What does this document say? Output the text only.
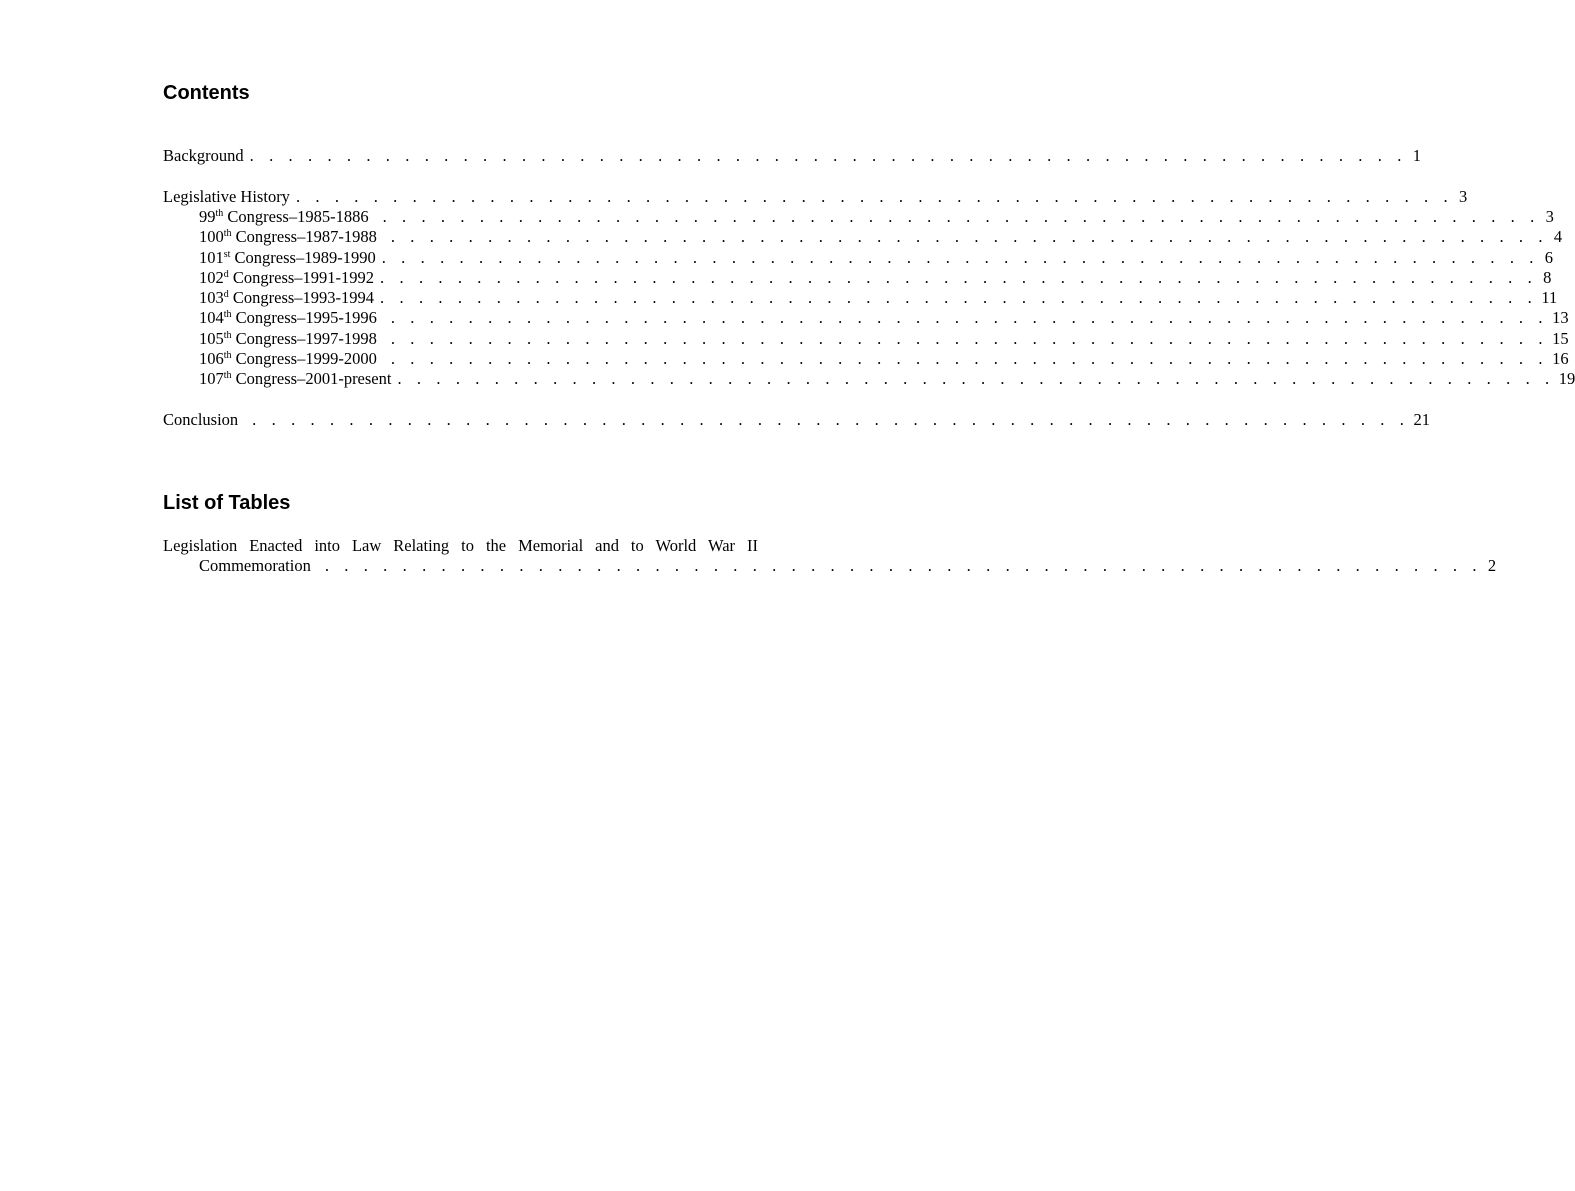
Contents
Background . . . . . . . . . . . . . . . . . . . . . . . . . . . . . . . . . . . . . . . . . . . . . . . . . . . . . . . . . . . . 1
Legislative History . . . . . . . . . . . . . . . . . . . . . . . . . . . . . . . . . . . . . . . . . . . . . . . . . . . . . . . . . . . . 3
99th Congress–1985-1886 . . . . . . . . . . . . . . . . . . . . . . . . . . . . . . . . . . . . . . . . . . . . . . . . . . . . . . . . . . . . 3
100th Congress–1987-1988 . . . . . . . . . . . . . . . . . . . . . . . . . . . . . . . . . . . . . . . . . . . . . . . . . . . . . . . . . . . . 4
101st Congress–1989-1990 . . . . . . . . . . . . . . . . . . . . . . . . . . . . . . . . . . . . . . . . . . . . . . . . . . . . . . . . . . . . 6
102$^d$ Congress–1991-1992 . . . . . . . . . . . . . . . . . . . . . . . . . . . . . . . . . . . . . . . . . . . . . . . . . . . . . . . . . . . . 8
103$^d$ Congress–1993-1994 . . . . . . . . . . . . . . . . . . . . . . . . . . . . . . . . . . . . . . . . . . . . . . . . . . . . . . . . . . . . 11
104th Congress–1995-1996 . . . . . . . . . . . . . . . . . . . . . . . . . . . . . . . . . . . . . . . . . . . . . . . . . . . . . . . . . . . . 13
105th Congress–1997-1998 . . . . . . . . . . . . . . . . . . . . . . . . . . . . . . . . . . . . . . . . . . . . . . . . . . . . . . . . . . . . 15
106th Congress–1999-2000 . . . . . . . . . . . . . . . . . . . . . . . . . . . . . . . . . . . . . . . . . . . . . . . . . . . . . . . . . . . . 16
107th Congress–2001-present . . . . . . . . . . . . . . . . . . . . . . . . . . . . . . . . . . . . . . . . . . . . . . . . . . . . . . . . . . . . 19
Conclusion . . . . . . . . . . . . . . . . . . . . . . . . . . . . . . . . . . . . . . . . . . . . . . . . . . . . . . . . . . . . 21
List of Tables
Legislation Enacted into Law Relating to the Memorial and to World War II
Commemoration . . . . . . . . . . . . . . . . . . . . . . . . . . . . . . . . . . . . . . . . . . . . . . . . . . . . . . . . . . . . 2
